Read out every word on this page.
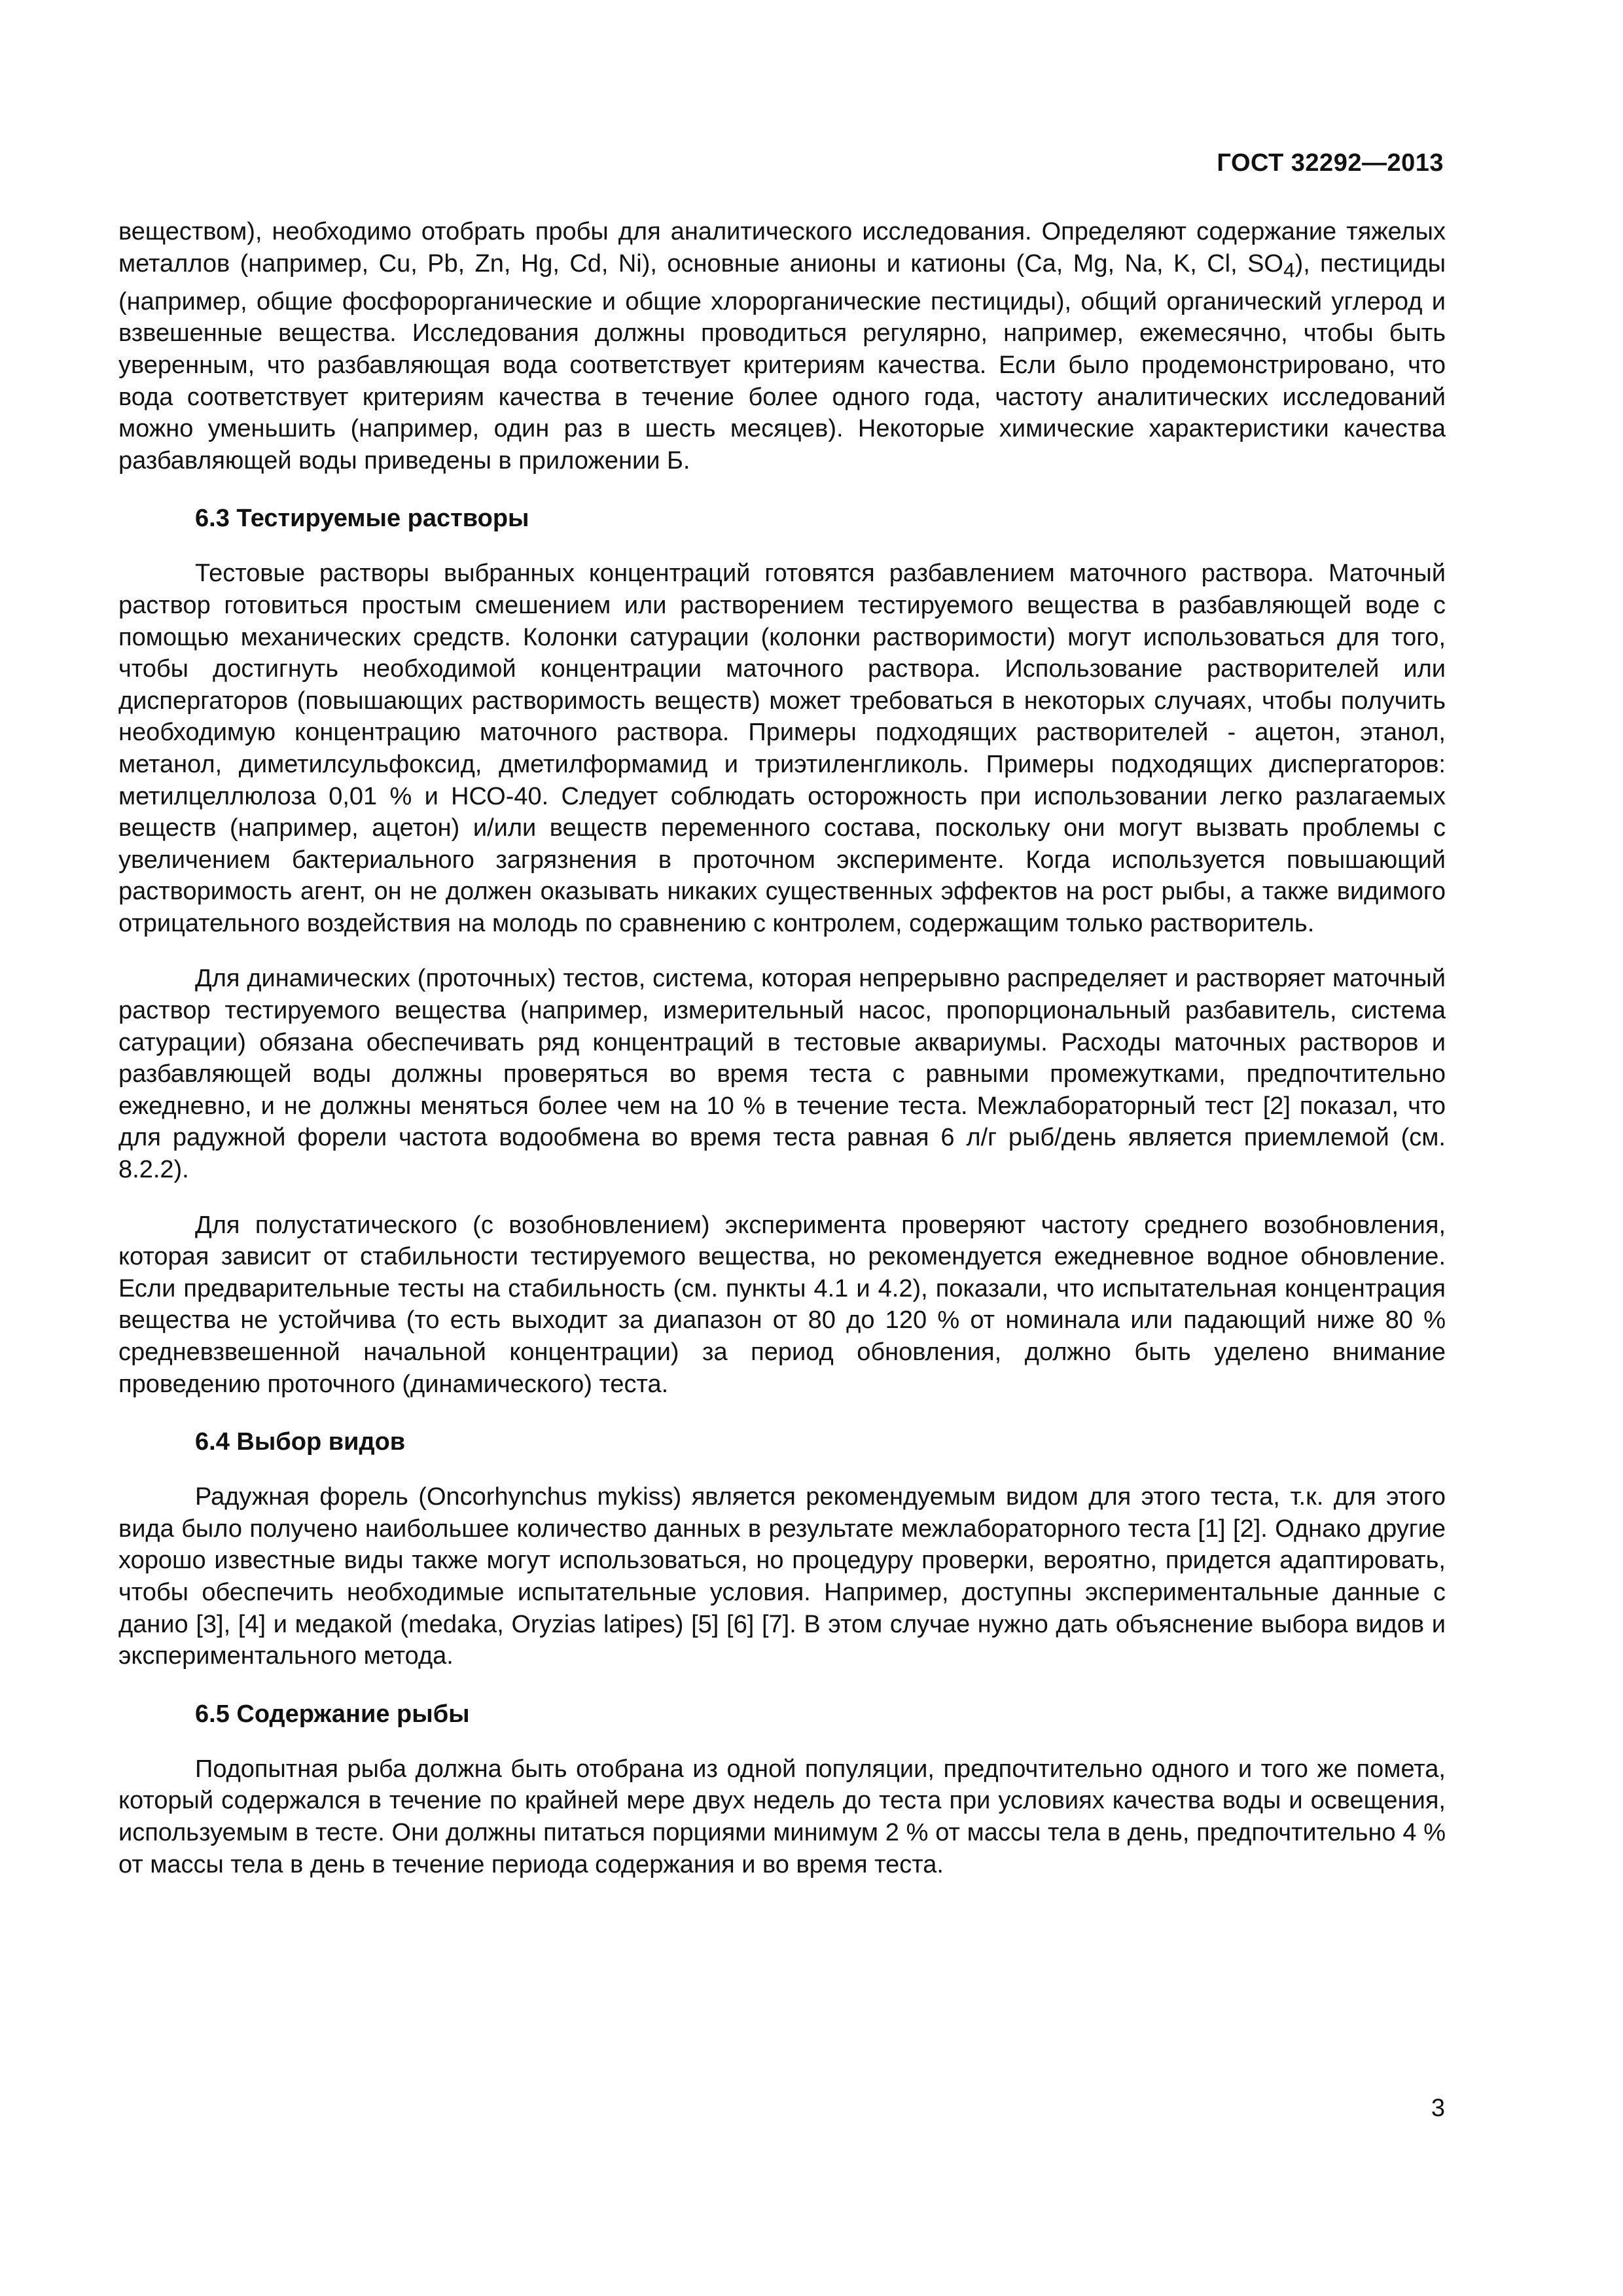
ГОСТ 32292—2013

веществом), необходимо отобрать пробы для аналитического исследования. Определяют содержание тяжелых металлов (например, Cu, Pb, Zn, Hg, Cd, Ni), основные анионы и катионы (Ca, Mg, Na, K, Cl, $SO_4$), пестициды (например, общие фосфорорганические и общие хлорорганические пестициды), общий органический углерод и взвешенные вещества. Исследования должны проводиться регулярно, например, ежемесячно, чтобы быть уверенным, что разбавляющая вода соответствует критериям качества. Если было продемонстрировано, что вода соответствует критериям качества в течение более одного года, частоту аналитических исследований можно уменьшить (например, один раз в шесть месяцев). Некоторые химические характеристики качества разбавляющей воды приведены в приложении Б.

6.3 Тестируемые растворы

Тестовые растворы выбранных концентраций готовятся разбавлением маточного раствора. Маточный раствор готовиться простым смешением или растворением тестируемого вещества в разбавляющей воде с помощью механических средств. Колонки сатурации (колонки растворимости) могут использоваться для того, чтобы достигнуть необходимой концентрации маточного раствора. Использование растворителей или диспергаторов (повышающих растворимость веществ) может требоваться в некоторых случаях, чтобы получить необходимую концентрацию маточного раствора. Примеры подходящих растворителей - ацетон, этанол, метанол, диметилсульфоксид, дметилформамид и триэтиленгликоль. Примеры подходящих диспергаторов: метилцеллюлоза 0,01 % и НСО-40. Следует соблюдать осторожность при использовании легко разлагаемых веществ (например, ацетон) и/или веществ переменного состава, поскольку они могут вызвать проблемы с увеличением бактериального загрязнения в проточном эксперименте. Когда используется повышающий растворимость агент, он не должен оказывать никаких существенных эффектов на рост рыбы, а также видимого отрицательного воздействия на молодь по сравнению с контролем, содержащим только растворитель.

Для динамических (проточных) тестов, система, которая непрерывно распределяет и растворяет маточный раствор тестируемого вещества (например, измерительный насос, пропорциональный разбавитель, система сатурации) обязана обеспечивать ряд концентраций в тестовые аквариумы. Расходы маточных растворов и разбавляющей воды должны проверяться во время теста с равными промежутками, предпочтительно ежедневно, и не должны меняться более чем на 10 % в течение теста. Межлабораторный тест [2] показал, что для радужной форели частота водообмена во время теста равная 6 л/г рыб/день является приемлемой (см. 8.2.2).

Для полустатического (с возобновлением) эксперимента проверяют частоту среднего возобновления, которая зависит от стабильности тестируемого вещества, но рекомендуется ежедневное водное обновление. Если предварительные тесты на стабильность (см. пункты 4.1 и 4.2), показали, что испытательная концентрация вещества не устойчива (то есть выходит за диапазон от 80 до 120 % от номинала или падающий ниже 80 % средневзвешенной начальной концентрации) за период обновления, должно быть уделено внимание проведению проточного (динамического) теста.

6.4 Выбор видов

Радужная форель (Oncorhynchus mykiss) является рекомендуемым видом для этого теста, т.к. для этого вида было получено наибольшее количество данных в результате межлабораторного теста [1] [2]. Однако другие хорошо известные виды также могут использоваться, но процедуру проверки, вероятно, придется адаптировать, чтобы обеспечить необходимые испытательные условия. Например, доступны экспериментальные данные с данио [3], [4] и медакой (medaka, Oryzias latipes) [5] [6] [7]. В этом случае нужно дать объяснение выбора видов и экспериментального метода.

6.5 Содержание рыбы

Подопытная рыба должна быть отобрана из одной популяции, предпочтительно одного и того же помета, который содержался в течение по крайней мере двух недель до теста при условиях качества воды и освещения, используемым в тесте. Они должны питаться порциями минимум 2 % от массы тела в день, предпочтительно 4 % от массы тела в день в течение периода содержания и во время теста.

3
